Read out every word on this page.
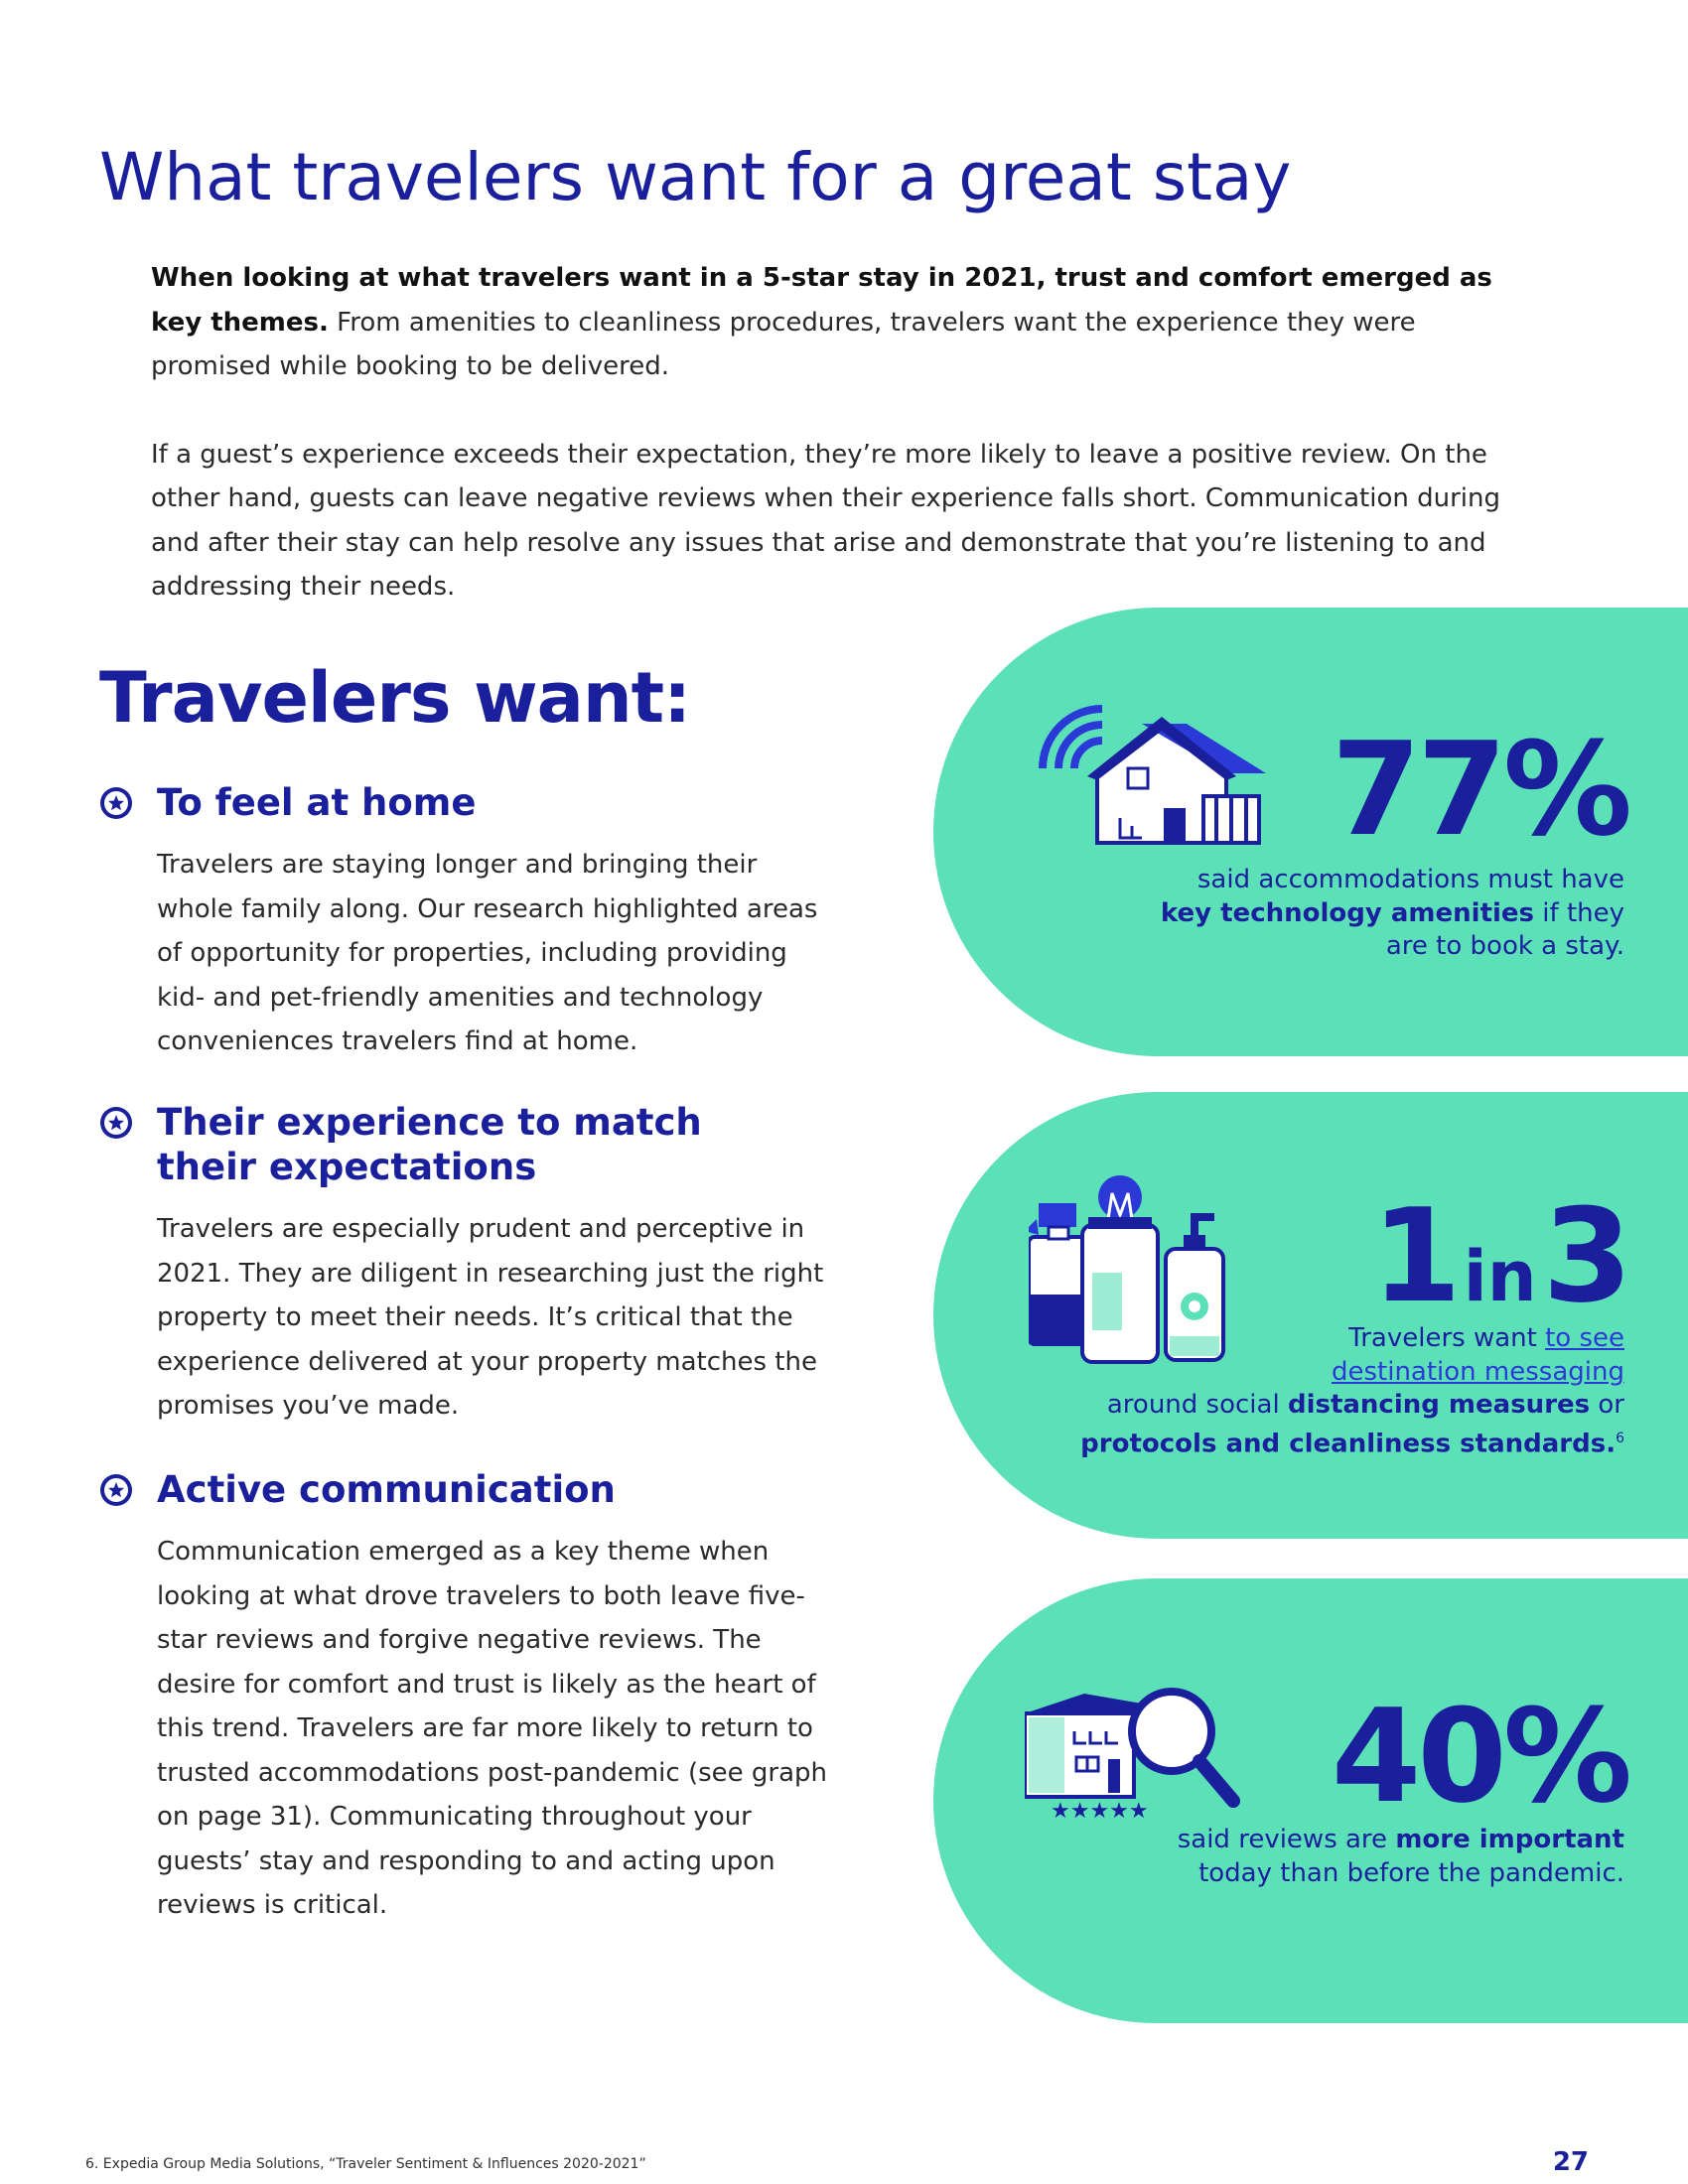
What travelers want for a great stay

When looking at what travelers want in a 5-star stay in 2021, trust and comfort emerged as key themes. From amenities to cleanliness procedures, travelers want the experience they were promised while booking to be delivered.

If a guest’s experience exceeds their expectation, they’re more likely to leave a positive review. On the other hand, guests can leave negative reviews when their experience falls short. Communication during and after their stay can help resolve any issues that arise and demonstrate that you’re listening to and addressing their needs.

Travelers want:
To feel at home

Travelers are staying longer and bringing their whole family along. Our research highlighted areas of opportunity for properties, including providing kid- and pet-friendly amenities and technology conveniences travelers find at home.

Their experience to match
their expectations

Travelers are especially prudent and perceptive in 2021. They are diligent in researching just the right property to meet their needs. It’s critical that the experience delivered at your property matches the promises you’ve made.

Active communication

Communication emerged as a key theme when looking at what drove travelers to both leave five-star reviews and forgive negative reviews. The desire for comfort and trust is likely as the heart of this trend. Travelers are far more likely to return to trusted accommodations post-pandemic (see graph on page 31). Communicating throughout your guests’ stay and responding to and acting upon reviews is critical.

77%
said accommodations must have
key technology amenities if they
are to book a stay.
1in3
Travelers want to see
destination messaging
around social distancing measures or
protocols and cleanliness standards.$^6$
★★★★★ 40%
said reviews are more important
today than before the pandemic.
6. Expedia Group Media Solutions, “Traveler Sentiment & Influences 2020-2021”	27
